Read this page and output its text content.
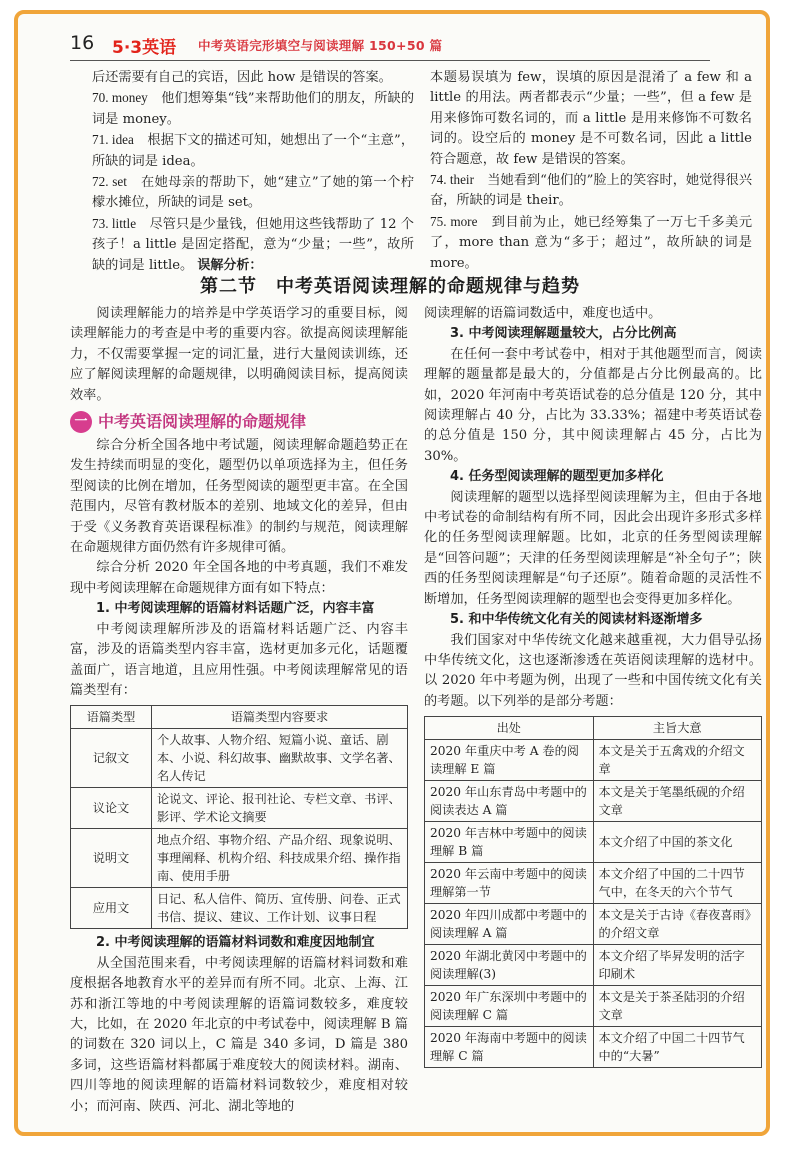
16 5·3英语 中考英语完形填空与阅读理解 150+50 篇

后还需要有自己的宾语，因此 how 是错误的答案。

70. money　 他们想筹集“钱”来帮助他们的朋友，所缺的词是 money。

71. idea　 根据下文的描述可知，她想出了一个“主意”，所缺的词是 idea。

72. set　 在她母亲的帮助下，她“建立”了她的第一个柠檬水摊位，所缺的词是 set。

73. little　 尽管只是少量钱，但她用这些钱帮助了 12 个孩子！a little 是固定搭配，意为“少量；一些”，故所缺的词是 little。 误解分析：

本题易误填为 few，误填的原因是混淆了 a few 和 a little 的用法。两者都表示“少量；一些”，但 a few 是用来修饰可数名词的，而 a little 是用来修饰不可数名词的。设空后的 money 是不可数名词，因此 a little 符合题意，故 few 是错误的答案。

74. their　 当她看到“他们的”脸上的笑容时，她觉得很兴奋，所缺的词是 their。

75. more　 到目前为止，她已经筹集了一万七千多美元了，more than 意为“多于；超过”，故所缺的词是 more。

第二节　中考英语阅读理解的命题规律与趋势

阅读理解能力的培养是中学英语学习的重要目标，阅读理解能力的考查是中考的重要内容。欲提高阅读理解能力，不仅需要掌握一定的词汇量，进行大量阅读训练，还应了解阅读理解的命题规律，以明确阅读目标，提高阅读效率。

一 中考英语阅读理解的命题规律

综合分析全国各地中考试题，阅读理解命题趋势正在发生持续而明显的变化，题型仍以单项选择为主，但任务型阅读的比例在增加，任务型阅读的题型更丰富。在全国范围内，尽管有教材版本的差别、地域文化的差异，但由于受《义务教育英语课程标准》的制约与规范，阅读理解在命题规律方面仍然有许多规律可循。

综合分析 2020 年全国各地的中考真题，我们不难发现中考阅读理解在命题规律方面有如下特点：

1. 中考阅读理解的语篇材料话题广泛，内容丰富

中考阅读理解所涉及的语篇材料话题广泛、内容丰富，涉及的语篇类型内容丰富，选材更加多元化，话题覆盖面广，语言地道，且应用性强。中考阅读理解常见的语篇类型有：

语篇类型	语篇类型内容要求
记叙文	个人故事、人物介绍、短篇小说、童话、剧本、小说、科幻故事、幽默故事、文学名著、名人传记
议论文	论说文、评论、报刊社论、专栏文章、书评、影评、学术论文摘要
说明文	地点介绍、事物介绍、产品介绍、现象说明、事理阐释、机构介绍、科技成果介绍、操作指南、使用手册
应用文	日记、私人信件、简历、宣传册、问卷、正式书信、提议、建议、工作计划、议事日程

2. 中考阅读理解的语篇材料词数和难度因地制宜

从全国范围来看，中考阅读理解的语篇材料词数和难度根据各地教育水平的差异而有所不同。北京、上海、江苏和浙江等地的中考阅读理解的语篇词数较多，难度较大，比如，在 2020 年北京的中考试卷中，阅读理解 B 篇的词数在 320 词以上，C 篇是 340 多词，D 篇是 380 多词，这些语篇材料都属于难度较大的阅读材料。湖南、四川等地的阅读理解的语篇材料词数较少，难度相对较小；而河南、陕西、河北、湖北等地的

阅读理解的语篇词数适中，难度也适中。

3. 中考阅读理解题量较大，占分比例高

在任何一套中考试卷中，相对于其他题型而言，阅读理解的题量都是最大的，分值都是占分比例最高的。比如，2020 年河南中考英语试卷的总分值是 120 分，其中阅读理解占 40 分，占比为 33.33%；福建中考英语试卷的总分值是 150 分，其中阅读理解占 45 分，占比为 30%。

4. 任务型阅读理解的题型更加多样化

阅读理解的题型以选择型阅读理解为主，但由于各地中考试卷的命制结构有所不同，因此会出现许多形式多样化的任务型阅读理解题。比如，北京的任务型阅读理解是“回答问题”；天津的任务型阅读理解是“补全句子”；陕西的任务型阅读理解是“句子还原”。随着命题的灵活性不断增加，任务型阅读理解的题型也会变得更加多样化。

5. 和中华传统文化有关的阅读材料逐渐增多

我们国家对中华传统文化越来越重视，大力倡导弘扬中华传统文化，这也逐渐渗透在英语阅读理解的选材中。以 2020 年中考题为例，出现了一些和中国传统文化有关的考题。以下列举的是部分考题：

出处	主旨大意
2020 年重庆中考 A 卷的阅读理解 E 篇	本文是关于五禽戏的介绍文章
2020 年山东青岛中考题中的阅读表达 A 篇	本文是关于笔墨纸砚的介绍文章
2020 年吉林中考题中的阅读理解 B 篇	本文介绍了中国的茶文化
2020 年云南中考题中的阅读理解第一节	本文介绍了中国的二十四节气中，在冬天的六个节气
2020 年四川成都中考题中的阅读理解 A 篇	本文是关于古诗《春夜喜雨》的介绍文章
2020 年湖北黄冈中考题中的阅读理解(3)	本文介绍了毕昇发明的活字印刷术
2020 年广东深圳中考题中的阅读理解 C 篇	本文是关于茶圣陆羽的介绍文章
2020 年海南中考题中的阅读理解 C 篇	本文介绍了中国二十四节气中的“大暑”
